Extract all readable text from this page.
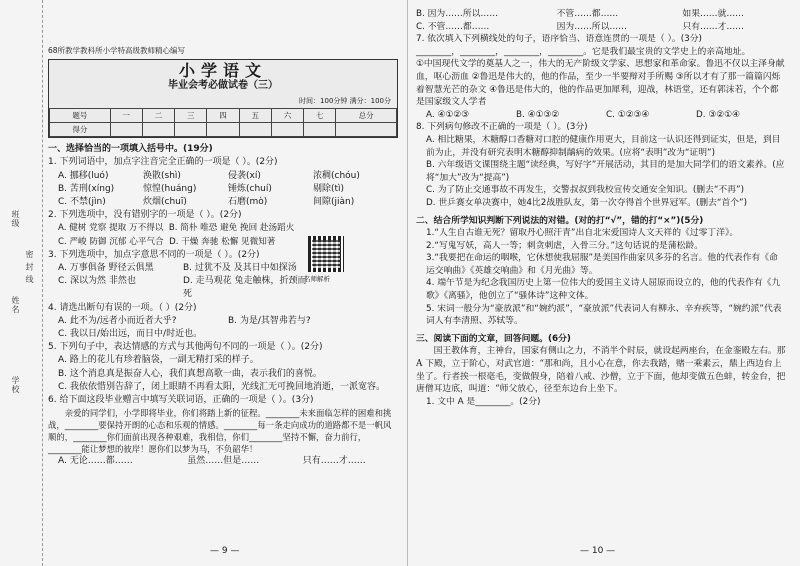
班级
姓名
密 封 线
学校
68所教学教科所小学特高级教师精心编写
小学语文
毕业会考必做试卷（三）
时间：100分钟 满分：100分
题号	一	二	三	四	五	六	七	总分
得分								
一、选择恰当的一项填入括号中。(19分)

1. 下列词语中，加点字注音完全正确的一项是（ ）。(2分)

A. 挪移(luó)	涣散(shì)	侵袭(xí)	浓稠(chóu)
B. 苦刑(xíng)	惊惶(huáng)	锤炼(chuí)	剔除(tì)
C. 不禁(jìn)	炊烟(chuī)	石磨(mò)	间隙(jiàn)

2. 下列选项中，没有错别字的一项是（ ）。(2分)

A. 健树 党察 提取 万不得以 B. 简朴 唯恐 避免 挽回 赴汤蹈火
C. 严峻 防御 沉郁 心平气合 D. 干燥 奔驰 松懈 见微知著

3. 下列选项中，加点字意思不同的一项是（ ）。(2分)

A. 万事俱备 野径云俱黑	B. 过犹不及 及其日中如探汤
C. 深以为然 非然也	D. 走马观花 兔走触株，折颈而死

4. 请选出断句有误的一项。（ ）(2分)

A. 此不为/远者小而近者大乎?	B. 为是/其智弗若与?
C. 我以日/始出远，而日中/时近也。

5. 下列句子中，表达情感的方式与其他两句不同的一项是（ ）。(2分)

A. 路上的花儿有珍着脑袋，一副无精打采的样子。
B. 这个消息真是振奋人心，我们真想高歌一曲，表示我们的喜悦。
C. 我依依惜别告辞了，闭上眼睛不再看太阳，光线汇无可挽回地消逝，一派宽容。

6. 给下面这段毕业赠言中填写关联词语，正确的一项是（ ）。(3分)

亲爱的同学们，小学即将毕业，你们将踏上新的征程。________未来面临怎样的困难和挑战，________要保持开朗的心态和乐观的情感。________每一条走向成功的道路都不是一帆风顺的，________你们面前出现各种艰难，我相信，你们________坚持不懈，奋力前行，________能让梦想的彼岸！愿你们以梦为马，不负韶华！

A. 无论……都……	虽然……但是……	只有……才……
名师解析
— 9 —
B. 因为……所以……	不管……都……	如果……就……
C. 不管……都……	因为……所以……	只有……才……

7. 依次填入下列横线处的句子，语序恰当、语意连贯的一项是（ ）。(3分)

________，________，________，________。它是我们最宝贵的文学史上的亲高地址。

①中国现代文学的奠基人之一，伟大的无产阶级文学家、思想家和革命家。鲁迅不仅以主泽身献血，呕心沥血 ②鲁迅是伟大的，他的作品，至少一半要辩对手所赐 ③所以才有了那一篇篇闪烁着智慧光芒的杂文 ④鲁迅是伟大的，他的作品更加犀利，迎战，林语堂，还有郭沫若，个个都是国家级文人学者

A. ④①②③	B. ④①③②	C. ①②③④	D. ③②①④

8. 下列病句修改不正确的一项是（ ）。(3分)

A. 相比糖果，木糖醇口香糖对口腔的健康作用更大，目前这一认识还得到证实，但是，到目前为止，并没有研究表明木糖醇抑制龋病的效果。(应将“表明”改为“证明”)

B. 六年级语文课围绕主题“读经典，写好字”开展活动，其目的是加大同学们的语文素养。(应将“加大”改为“提高”)

C. 为了防止交通事故不再发生，交警叔叔到我校宣传交通安全知识。(删去“不再”)

D. 世乒赛女单决赛中，她4比2战胜队友，第一次夺得首个世界冠军。(删去“首个”)

二、结合所学知识判断下列说法的对错。(对的打“√”，错的打“×”)(5分)

1.“人生自古谁无死？留取丹心照汗青”出自北宋爱国诗人文天祥的《过零丁洋》。

2.“写鬼写妖，高人一等；刺贪刺虐，入骨三分。”这句话说的是蒲松龄。

3.“我要把在命运的咽喉，它休想使我屈服”是美国作曲家贝多芬的名言。他的代表作有《命运交响曲》《英雄交响曲》和《月光曲》等。

4. 端午节是为纪念我国历史上第一位伟大的爱国主义诗人屈原而设立的，他的代表作有《九歌》《离骚》，他创立了“骚体诗”这种文体。

5. 宋词一般分为“豪放派”和“婉约派”，“豪放派”代表词人有柳永、辛弃疾等，“婉约派”代表词人有李清照、苏轼等。

三、阅读下面的文章，回答问题。(6分)

国王教体育，主神台，国家有侧山之力，不消半个时辰，就设起两座台，在金銮殿左右。那 A 下殿，立于阶心，对武官道：“那和尚，且小心在意，你去我踏，赌一乘素云，鼎上西边台上坐了。行者挨一根毫毛，变做假身，陪着八戒、沙僧，立于下面，他却变做五色蚌，转金台，把唐僧耳边底，叫道：“师父放心，径至东边台上坐下。

1. 文中 A 是________。(2分)

— 10 —
